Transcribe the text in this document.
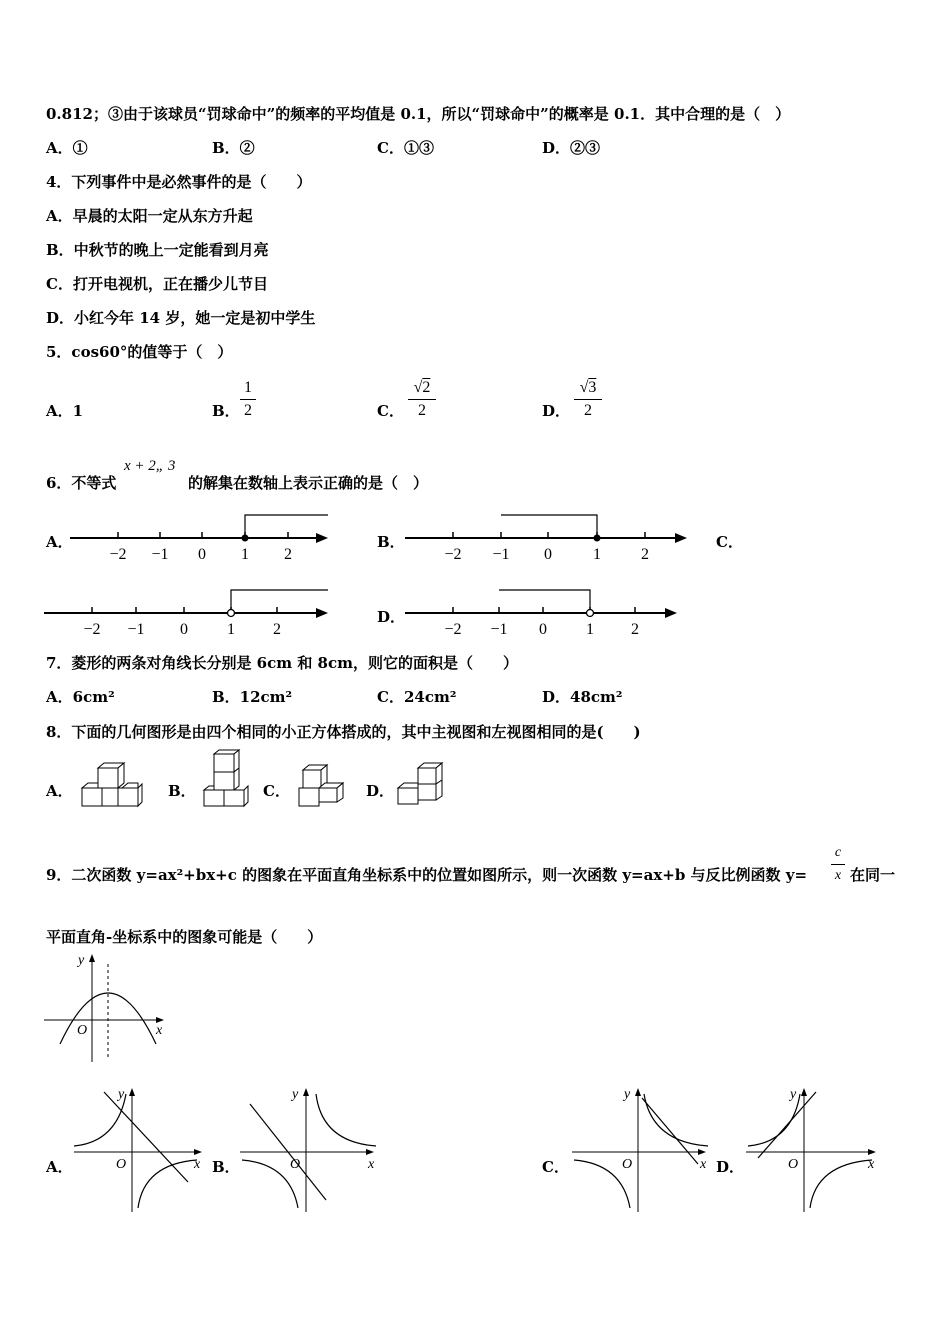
0.812；③由于该球员“罚球命中”的频率的平均值是 0.1，所以“罚球命中”的概率是 0.1．其中合理的是（　）
A．①	B．②	C．①③	D．②③
4．下列事件中是必然事件的是（　　）
A．早晨的太阳一定从东方升起
B．中秋节的晚上一定能看到月亮
C．打开电视机，正在播少儿节目
D．小红今年 14 岁，她一定是初中学生
5．cos60°的值等于（　）
A．1	B．
1
2	C．
√2
2	D．
√3
2
6．不等式
x + 2„ 3
的解集在数轴上表示正确的是（　）
A．	B．	C．
D．
−2 −1 0 1 2	−2 −1 0	1	2
−2 −1 0 1 2	−2 −1 0 1 2
7．菱形的两条对角线长分别是 6cm 和 8cm，则它的面积是（　　）
A．6cm²	B．12cm²	C．24cm²	D．48cm²
8．下面的几何图形是由四个相同的小正方体搭成的，其中主视图和左视图相同的是(　　)
A．	B．	C．	D．
9．二次函数 y=ax²+bx+c 的图象在平面直角坐标系中的位置如图所示，则一次函数 y=ax+b 与反比例函数 y=
c
x 在同一
平面直角-坐标系中的图象可能是（　　）
x
y
O
A．	B．	C．	D．
x
y
O	x
y
O	x
y
O	x
y
O
